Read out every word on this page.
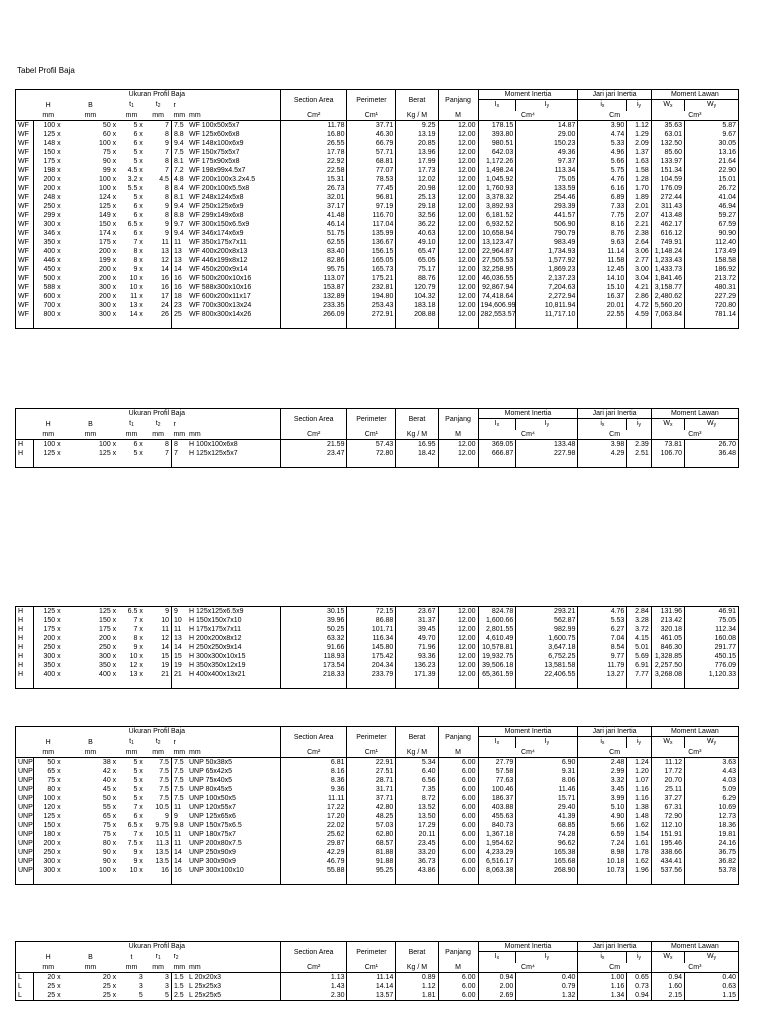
Tabel Profil Baja
	Ukuran Profil Baja						Section Area	Perimeter	Berat	Panjang	Moment Inertia		Jari jari Inertia		Moment Lawan	
	H	B	$t_1$	$t_2$	r						$I_x$	$I_y$	$i_x$	$i_y$	$W_x$	$W_y$
	mm	mm	mm	mm	mm	mm	Cm²	Cm¹	Kg / M	M	Cm⁴		Cm		Cm³	
WF	100 x	50 x	5 x	7	7.5	WF 100x50x5x7	11.78	37.71	9.25	12.00	178.15	14.87	3.90	1.12	35.63	5.87
WF	125 x	60 x	6 x	8	8.8	WF 125x60x6x8	16.80	46.30	13.19	12.00	393.80	29.00	4.74	1.29	63.01	9.67
WF	148 x	100 x	6 x	9	9.4	WF 148x100x6x9	26.55	66.79	20.85	12.00	980.51	150.23	5.33	2.09	132.50	30.05
WF	150 x	75 x	5 x	7	7.5	WF 150x75x5x7	17.78	57.71	13.96	12.00	642.03	49.36	4.96	1.37	85.60	13.16
WF	175 x	90 x	5 x	8	8.1	WF 175x90x5x8	22.92	68.81	17.99	12.00	1,172.26	97.37	5.66	1.63	133.97	21.64
WF	198 x	99 x	4.5 x	7	7.2	WF 198x99x4.5x7	22.58	77.07	17.73	12.00	1,498.24	113.34	5.75	1.58	151.34	22.90
WF	200 x	100 x	3.2 x	4.5	4.8	WF 200x100x3.2x4.5	15.31	78.53	12.02	12.00	1,045.92	75.05	4.76	1.28	104.59	15.01
WF	200 x	100 x	5.5 x	8	8.4	WF 200x100x5.5x8	26.73	77.45	20.98	12.00	1,760.93	133.59	6.16	1.70	176.09	26.72
WF	248 x	124 x	5 x	8	8.1	WF 248x124x5x8	32.01	96.81	25.13	12.00	3,378.32	254.46	6.89	1.89	272.44	41.04
WF	250 x	125 x	6 x	9	9.4	WF 250x125x6x9	37.17	97.19	29.18	12.00	3,892.93	293.39	7.33	2.01	311.43	46.94
WF	299 x	149 x	6 x	8	8.8	WF 299x149x6x8	41.48	116.70	32.56	12.00	6,181.52	441.57	7.75	2.07	413.48	59.27
WF	300 x	150 x	6.5 x	9	9.7	WF 300x150x6.5x9	46.14	117.04	36.22	12.00	6,932.52	506.90	8.16	2.21	462.17	67.59
WF	346 x	174 x	6 x	9	9.4	WF 346x174x6x9	51.75	135.99	40.63	12.00	10,658.94	790.79	8.76	2.38	616.12	90.90
WF	350 x	175 x	7 x	11	11	WF 350x175x7x11	62.55	136.67	49.10	12.00	13,123.47	983.49	9.63	2.64	749.91	112.40
WF	400 x	200 x	8 x	13	13	WF 400x200x8x13	83.40	156.15	65.47	12.00	22,964.87	1,734.93	11.14	3.06	1,148.24	173.49
WF	446 x	199 x	8 x	12	13	WF 446x199x8x12	82.86	165.05	65.05	12.00	27,505.53	1,577.92	11.58	2.77	1,233.43	158.58
WF	450 x	200 x	9 x	14	14	WF 450x200x9x14	95.75	165.73	75.17	12.00	32,258.95	1,869.23	12.45	3.00	1,433.73	186.92
WF	500 x	200 x	10 x	16	16	WF 500x200x10x16	113.07	175.21	88.76	12.00	46,036.55	2,137.23	14.10	3.04	1,841.46	213.72
WF	588 x	300 x	10 x	16	16	WF 588x300x10x16	153.87	232.81	120.79	12.00	92,867.94	7,204.63	15.10	4.21	3,158.77	480.31
WF	600 x	200 x	11 x	17	18	WF 600x200x11x17	132.89	194.80	104.32	12.00	74,418.64	2,272.94	16.37	2.86	2,480.62	227.29
WF	700 x	300 x	13 x	24	23	WF 700x300x13x24	233.35	253.43	183.18	12.00	194,606.99	10,811.94	20.01	4.72	5,560.20	720.80
WF	800 x	300 x	14 x	26	25	WF 800x300x14x26	266.09	272.91	208.88	12.00	282,553.57	11,717.10	22.55	4.59	7,063.84	781.14

	Ukuran Profil Baja						Section Area	Perimeter	Berat	Panjang	Moment Inertia		Jari jari Inertia		Moment Lawan	
	H	B	$t_1$	$t_2$	r						$I_x$	$I_y$	$i_x$	$i_y$	$W_x$	$W_y$
	mm	mm	mm	mm	mm	mm	Cm²	Cm¹	Kg / M	M	Cm⁴		Cm		Cm³	
H	100 x	100 x	6 x	8	8	H 100x100x6x8	21.59	57.43	16.95	12.00	369.05	133.48	3.98	2.39	73.81	26.70
H	125 x	125 x	5 x	7	7	H 125x125x5x7	23.47	72.80	18.42	12.00	666.87	227.98	4.29	2.51	106.70	36.48

H	125 x	125 x	6.5 x	9	9	H 125x125x6.5x9	30.15	72.15	23.67	12.00	824.78	293.21	4.76	2.84	131.96	46.91
H	150 x	150 x	7 x	10	10	H 150x150x7x10	39.96	86.88	31.37	12.00	1,600.66	562.87	5.53	3.28	213.42	75.05
H	175 x	175 x	7 x	11	11	H 175x175x7x11	50.25	101.71	39.45	12.00	2,801.55	982.99	6.27	3.72	320.18	112.34
H	200 x	200 x	8 x	12	13	H 200x200x8x12	63.32	116.34	49.70	12.00	4,610.49	1,600.75	7.04	4.15	461.05	160.08
H	250 x	250 x	9 x	14	14	H 250x250x9x14	91.66	145.80	71.96	12.00	10,578.81	3,647.18	8.54	5.01	846.30	291.77
H	300 x	300 x	10 x	15	15	H 300x300x10x15	118.93	175.42	93.36	12.00	19,932.75	6,752.25	9.77	5.69	1,328.85	450.15
H	350 x	350 x	12 x	19	19	H 350x350x12x19	173.54	204.34	136.23	12.00	39,506.18	13,581.58	11.79	6.91	2,257.50	776.09
H	400 x	400 x	13 x	21	21	H 400x400x13x21	218.33	233.79	171.39	12.00	65,361.59	22,406.55	13.27	7.77	3,268.08	1,120.33

	Ukuran Profil Baja						Section Area	Perimeter	Berat	Panjang	Moment Inertia		Jari jari Inertia		Moment Lawan	
	H	B	$t_1$	$t_2$	r						$I_x$	$I_y$	$i_x$	$i_y$	$W_x$	$W_y$
	mm	mm	mm	mm	mm	mm	Cm²	Cm¹	Kg / M	M	Cm⁴		Cm		Cm³	
UNP	50 x	38 x	5 x	7.5	7.5	UNP 50x38x5	6.81	22.91	5.34	6.00	27.79	6.90	2.48	1.24	11.12	3.63
UNP	65 x	42 x	5 x	7.5	7.5	UNP 65x42x5	8.16	27.51	6.40	6.00	57.58	9.31	2.99	1.20	17.72	4.43
UNP	75 x	40 x	5 x	7.5	7.5	UNP 75x40x5	8.36	28.71	6.56	6.00	77.63	8.06	3.32	1.07	20.70	4.03
UNP	80 x	45 x	5 x	7.5	7.5	UNP 80x45x5	9.36	31.71	7.35	6.00	100.46	11.46	3.45	1.16	25.11	5.09
UNP	100 x	50 x	5 x	7.5	7.5	UNP 100x50x5	11.11	37.71	8.72	6.00	186.37	15.71	3.99	1.16	37.27	6.29
UNP	120 x	55 x	7 x	10.5	11	UNP 120x55x7	17.22	42.80	13.52	6.00	403.88	29.40	5.10	1.38	67.31	10.69
UNP	125 x	65 x	6 x	9	9	UNP 125x65x6	17.20	48.25	13.50	6.00	455.63	41.39	4.90	1.48	72.90	12.73
UNP	150 x	75 x	6.5 x	9.75	9.8	UNP 150x75x6.5	22.02	57.03	17.29	6.00	840.73	68.85	5.66	1.62	112.10	18.36
UNP	180 x	75 x	7 x	10.5	11	UNP 180x75x7	25.62	62.80	20.11	6.00	1,367.18	74.28	6.59	1.54	151.91	19.81
UNP	200 x	80 x	7.5 x	11.3	11	UNP 200x80x7.5	29.87	68.57	23.45	6.00	1,954.62	96.62	7.24	1.61	195.46	24.16
UNP	250 x	90 x	9 x	13.5	14	UNP 250x90x9	42.29	81.88	33.20	6.00	4,233.29	165.38	8.98	1.78	338.66	36.75
UNP	300 x	90 x	9 x	13.5	14	UNP 300x90x9	46.79	91.88	36.73	6.00	6,516.17	165.68	10.18	1.62	434.41	36.82
UNP	300 x	100 x	10 x	16	16	UNP 300x100x10	55.88	95.25	43.86	6.00	8,063.38	268.90	10.73	1.96	537.56	53.78

	Ukuran Profil Baja						Section Area	Perimeter	Berat	Panjang	Moment Inertia		Jari jari Inertia		Moment Lawan	
	H	B	t	$r_1$	$r_2$						$I_x$	$I_y$	$i_x$	$i_y$	$W_x$	$W_y$
	mm	mm	mm	mm	mm	mm	Cm²	Cm¹	Kg / M	M	Cm⁴		Cm		Cm³	
L	20 x	20 x	3	3	1.5	L 20x20x3	1.13	11.14	0.89	6.00	0.94	0.40	1.00	0.65	0.94	0.40
L	25 x	25 x	3	3	1.5	L 25x25x3	1.43	14.14	1.12	6.00	2.00	0.79	1.16	0.73	1.60	0.63
L	25 x	25 x	5	5	2.5	L 25x25x5	2.30	13.57	1.81	6.00	2.69	1.32	1.34	0.94	2.15	1.15
